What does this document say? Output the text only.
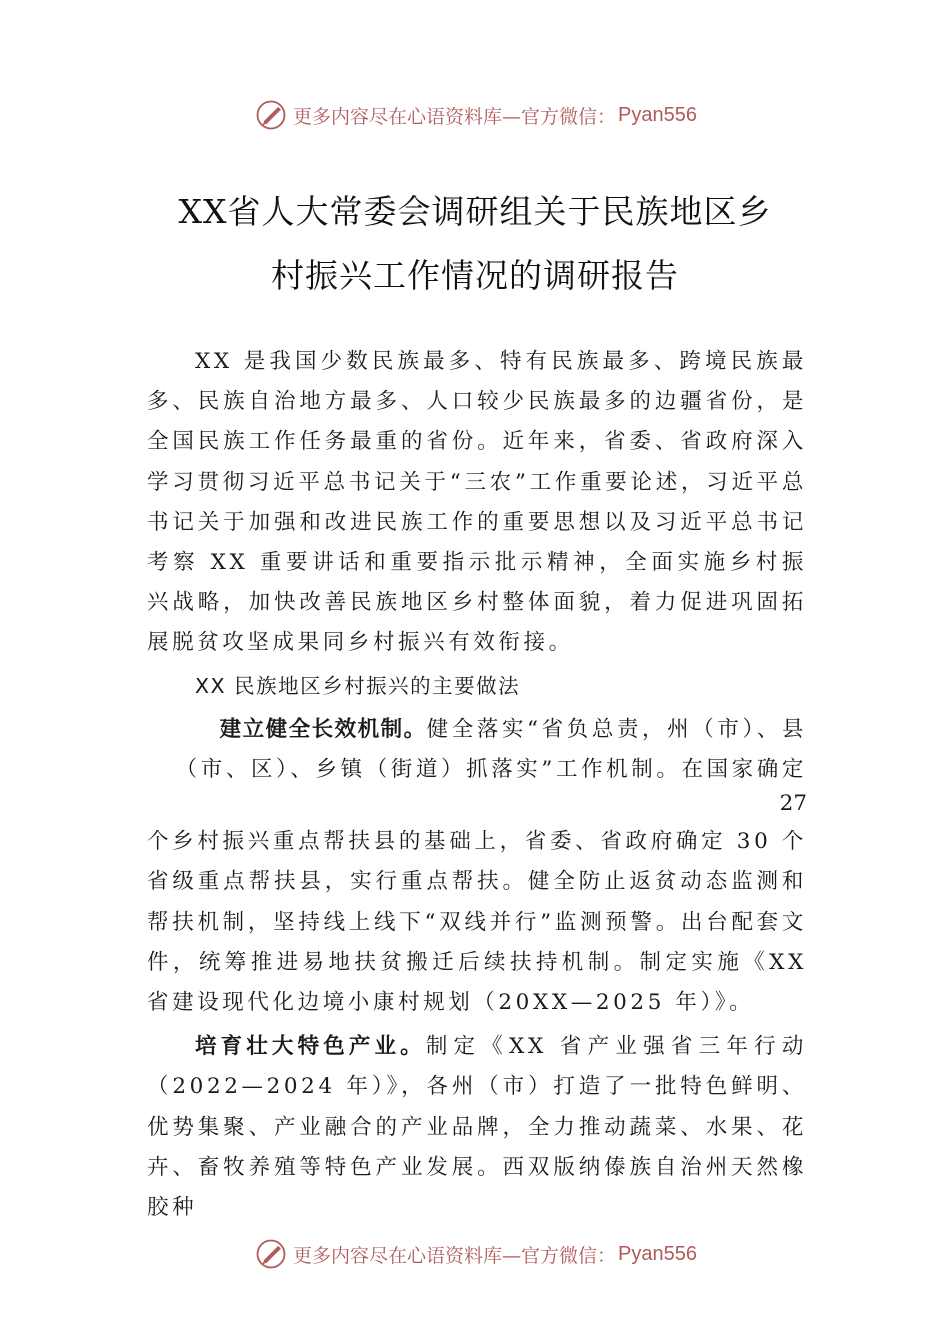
更多内容尽在心语资料库—官方微信： Pyan556
XX省人大常委会调研组关于民族地区乡
村振兴工作情况的调研报告

XX 是我国少数民族最多、特有民族最多、跨境民族最多、民族自治地方最多、人口较少民族最多的边疆省份，是全国民族工作任务最重的省份。近年来，省委、省政府深入学习贯彻习近平总书记关于“三农”工作重要论述，习近平总书记关于加强和改进民族工作的重要思想以及习近平总书记考察 XX 重要讲话和重要指示批示精神，全面实施乡村振兴战略，加快改善民族地区乡村整体面貌，着力促进巩固拓展脱贫攻坚成果同乡村振兴有效衔接。

XX 民族地区乡村振兴的主要做法

建立健全长效机制。健全落实“省负总责，州（市）、县

（市、区）、乡镇（街道）抓落实”工作机制。在国家确定

27

个乡村振兴重点帮扶县的基础上，省委、省政府确定 30 个省级重点帮扶县，实行重点帮扶。健全防止返贫动态监测和帮扶机制，坚持线上线下“双线并行”监测预警。出台配套文件，统筹推进易地扶贫搬迁后续扶持机制。制定实施《XX 省建设现代化边境小康村规划（20XX—2025 年）》。

培育壮大特色产业。制定《XX 省产业强省三年行动（2022—2024 年）》，各州（市）打造了一批特色鲜明、优势集聚、产业融合的产业品牌，全力推动蔬菜、水果、花卉、畜牧养殖等特色产业发展。西双版纳傣族自治州天然橡胶种

更多内容尽在心语资料库—官方微信： Pyan556
